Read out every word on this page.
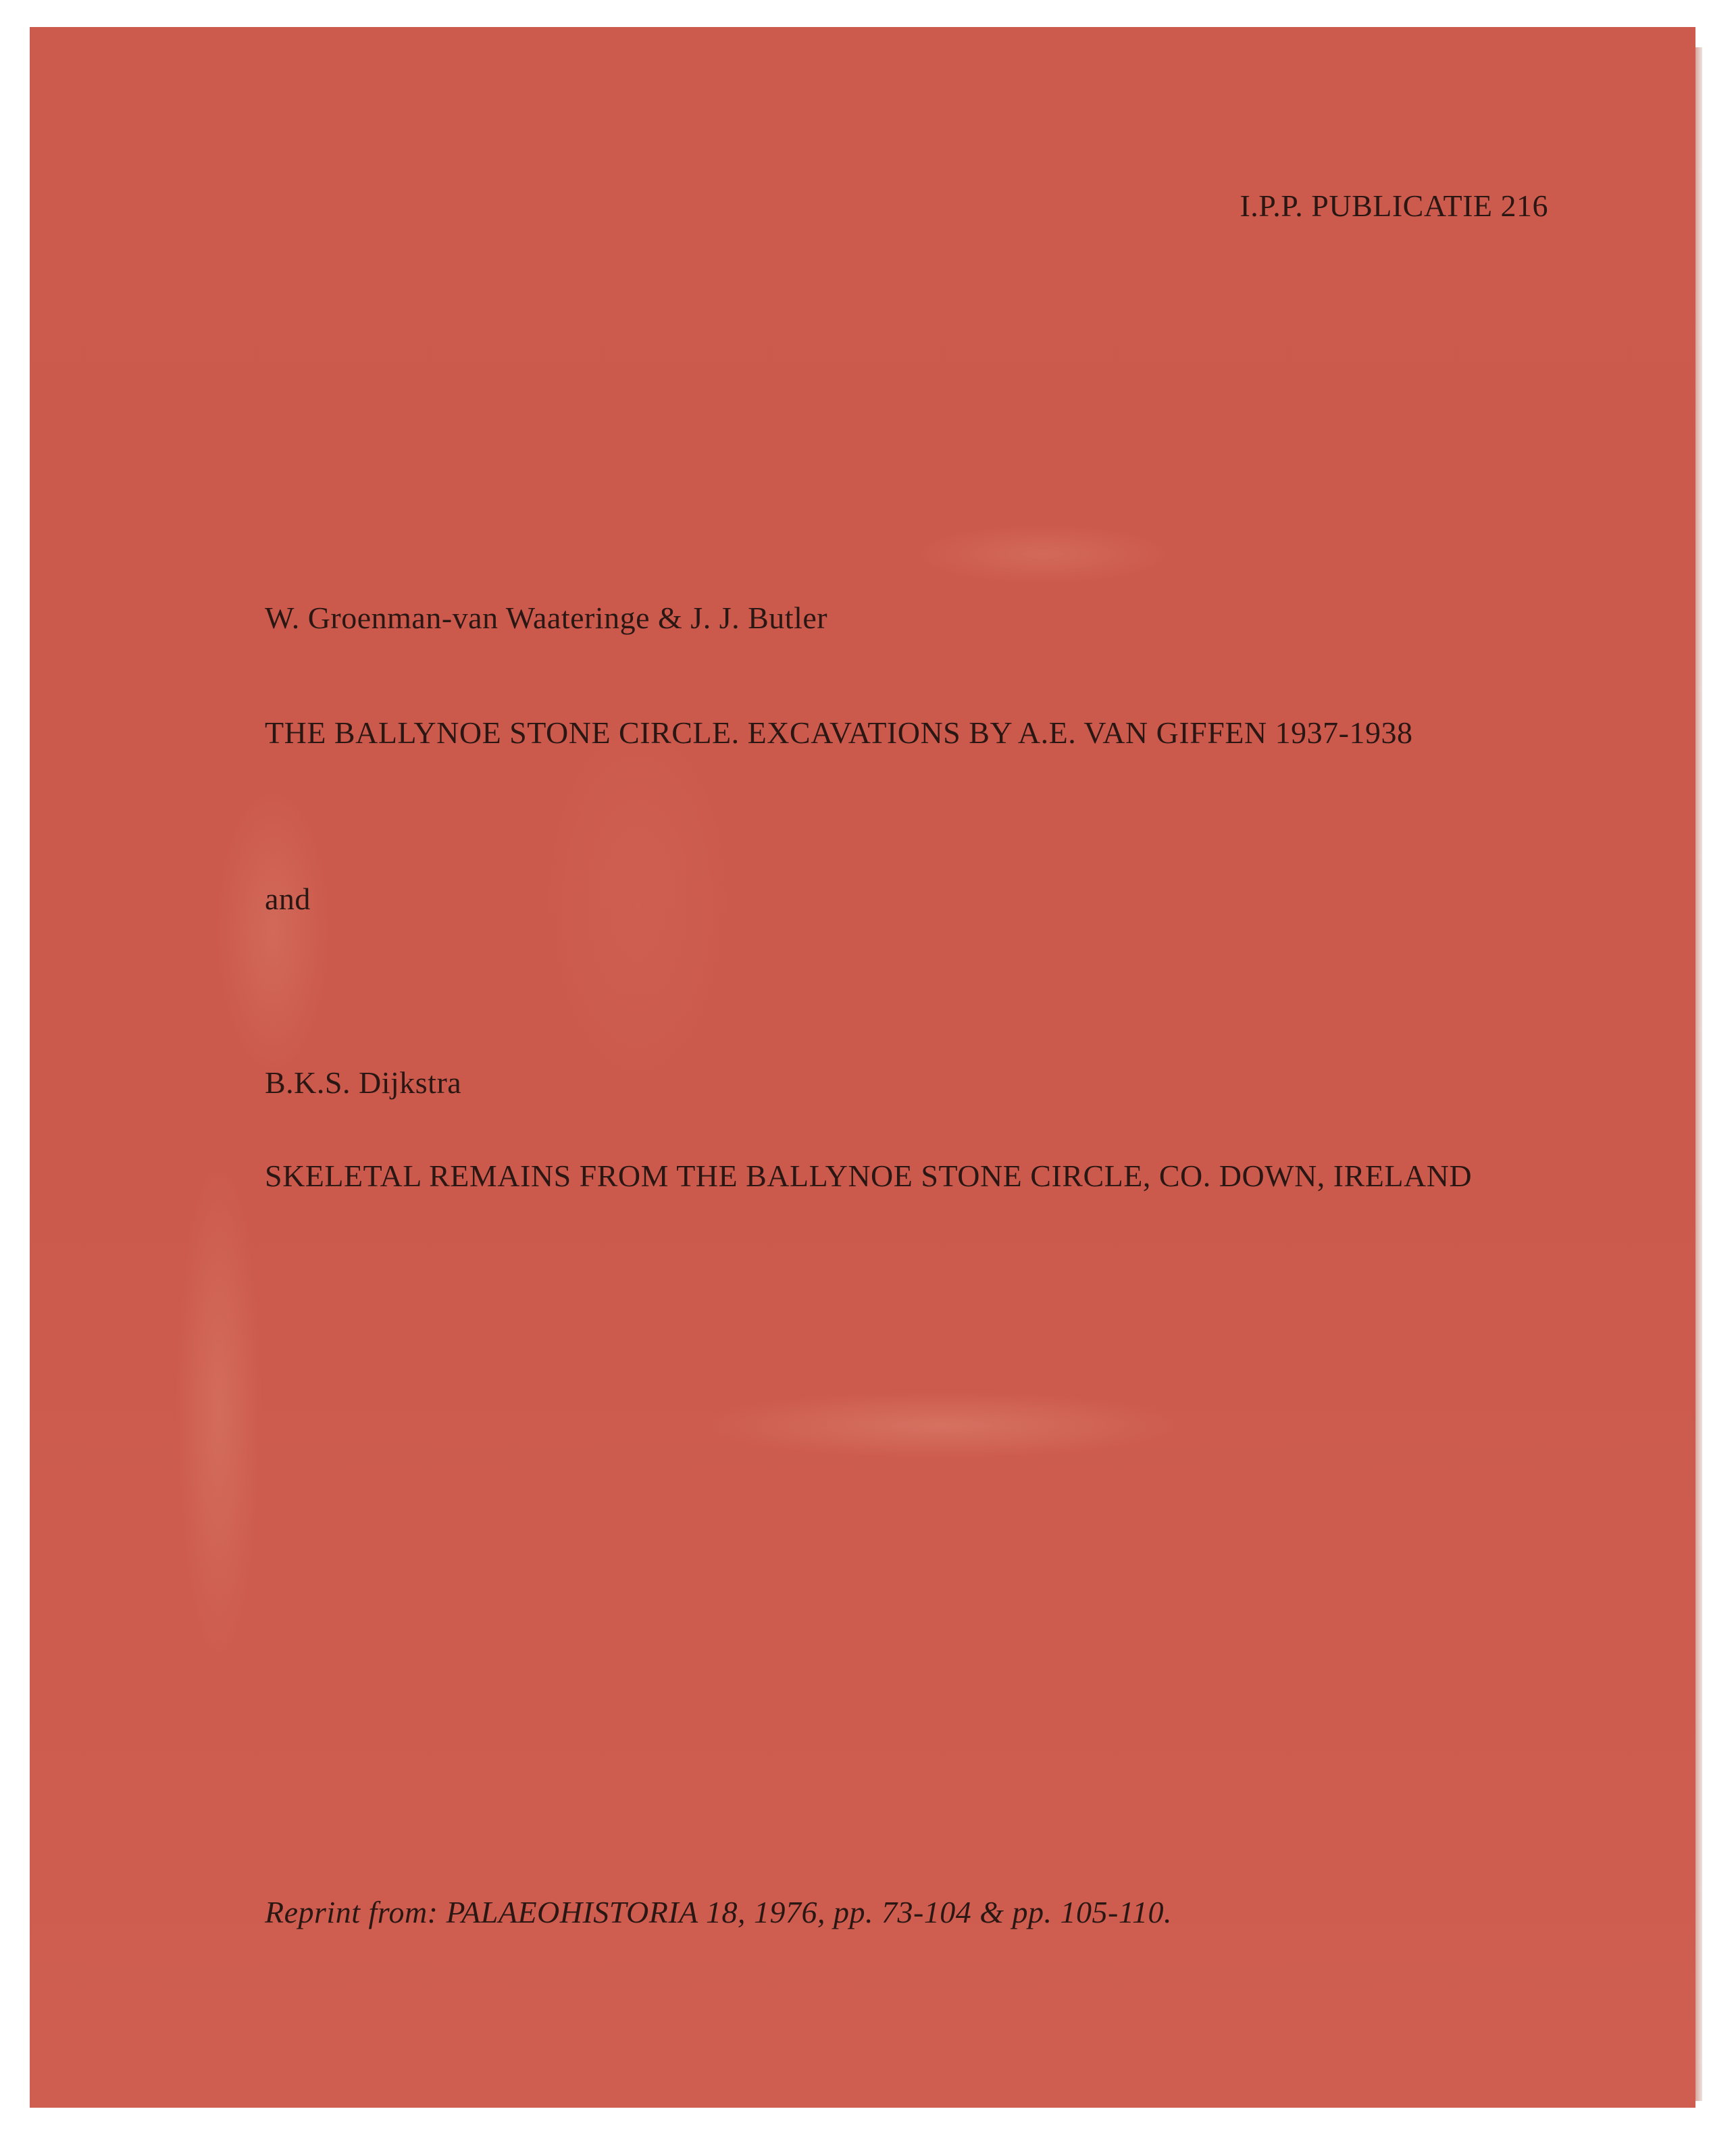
I.P.P. PUBLICATIE 216
W. Groenman-van Waateringe & J. J. Butler
THE BALLYNOE STONE CIRCLE. EXCAVATIONS BY A.E. VAN GIFFEN 1937-1938
and
B.K.S. Dijkstra
SKELETAL REMAINS FROM THE BALLYNOE STONE CIRCLE, CO. DOWN, IRELAND
Reprint from: PALAEOHISTORIA 18, 1976, pp. 73-104 & pp. 105-110.
